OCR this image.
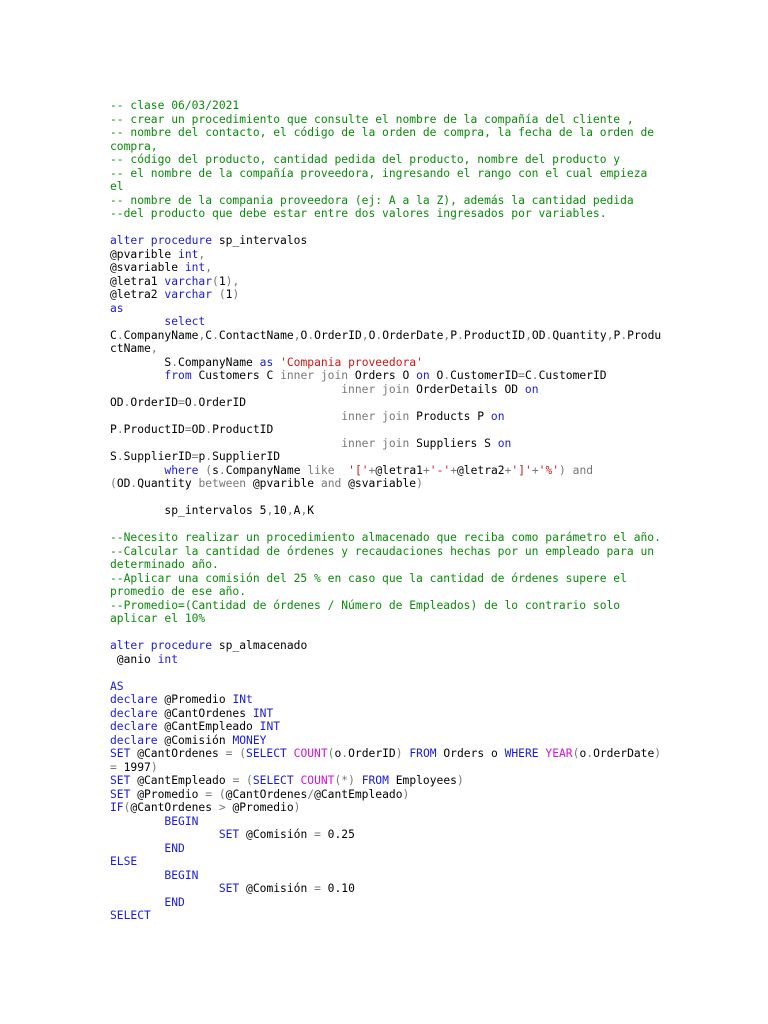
-- clase 06/03/2021
-- crear un procedimiento que consulte el nombre de la compañía del cliente ,
-- nombre del contacto, el código de la orden de compra, la fecha de la orden de
compra,
-- código del producto, cantidad pedida del producto, nombre del producto y
-- el nombre de la compañía proveedora, ingresando el rango con el cual empieza
el
-- nombre de la compania proveedora (ej: A a la Z), además la cantidad pedida
--del producto que debe estar entre dos valores ingresados por variables.
alter procedure sp_intervalos
@pvarible int,
@svariable int,
@letra1 varchar(1),
@letra2 varchar (1)
as
select
C.CompanyName,C.ContactName,O.OrderID,O.OrderDate,P.ProductID,OD.Quantity,P.Produ
ctName,
S.CompanyName as 'Compania proveedora'
from Customers C inner join Orders O on O.CustomerID=C.CustomerID
inner join OrderDetails OD on
OD.OrderID=O.OrderID
inner join Products P on
P.ProductID=OD.ProductID
inner join Suppliers S on
S.SupplierID=p.SupplierID
where (s.CompanyName like '['+@letra1+'-'+@letra2+']'+'%') and
(OD.Quantity between @pvarible and @svariable)
sp_intervalos 5,10,A,K
--Necesito realizar un procedimiento almacenado que reciba como parámetro el año.
--Calcular la cantidad de órdenes y recaudaciones hechas por un empleado para un
determinado año.
--Aplicar una comisión del 25 % en caso que la cantidad de órdenes supere el
promedio de ese año.
--Promedio=(Cantidad de órdenes / Número de Empleados) de lo contrario solo
aplicar el 10%
alter procedure sp_almacenado
@anio int
AS
declare @Promedio INt
declare @CantOrdenes INT
declare @CantEmpleado INT
declare @Comisión MONEY
SET @CantOrdenes = (SELECT COUNT(o.OrderID) FROM Orders o WHERE YEAR(o.OrderDate)
= 1997)
SET @CantEmpleado = (SELECT COUNT(*) FROM Employees)
SET @Promedio = (@CantOrdenes/@CantEmpleado)
IF(@CantOrdenes > @Promedio)
BEGIN
SET @Comisión = 0.25
END
ELSE
BEGIN
SET @Comisión = 0.10
END
SELECT
